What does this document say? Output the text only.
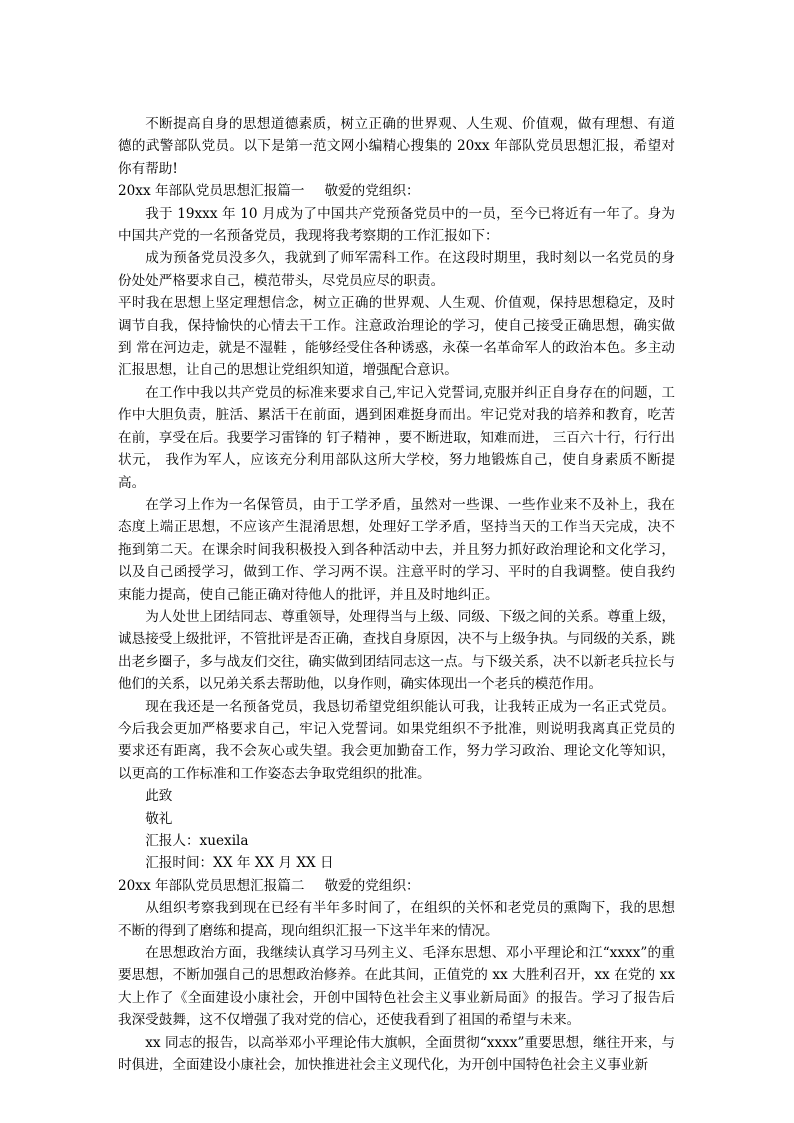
不断提高自身的思想道德素质，树立正确的世界观、人生观、价值观，做有理想、有道德的武警部队党员。以下是第一范文网小编精心搜集的 20xx 年部队党员思想汇报，希望对你有帮助!

20xx 年部队党员思想汇报篇一 敬爱的党组织：

我于 19xxx 年 10 月成为了中国共产党预备党员中的一员，至今已将近有一年了。身为中国共产党的一名预备党员，我现将我考察期的工作汇报如下：

成为预备党员没多久，我就到了师军需科工作。在这段时期里，我时刻以一名党员的身份处处严格要求自己，模范带头，尽党员应尽的职责。

平时我在思想上坚定理想信念，树立正确的世界观、人生观、价值观，保持思想稳定，及时调节自我，保持愉快的心情去干工作。注意政治理论的学习，使自己接受正确思想，确实做到 常在河边走，就是不湿鞋 ，能够经受住各种诱惑，永葆一名革命军人的政治本色。多主动汇报思想，让自己的思想让党组织知道，增强配合意识。

在工作中我以共产党员的标准来要求自己,牢记入党誓词,克服并纠正自身存在的问题，工作中大胆负责，脏活、累活干在前面，遇到困难挺身而出。牢记党对我的培养和教育，吃苦在前，享受在后。我要学习雷锋的 钉子精神 ，要不断进取，知难而进， 三百六十行，行行出状元， 我作为军人，应该充分利用部队这所大学校，努力地锻炼自己，使自身素质不断提高。

在学习上作为一名保管员，由于工学矛盾，虽然对一些课、一些作业来不及补上，我在态度上端正思想，不应该产生混淆思想，处理好工学矛盾，坚持当天的工作当天完成，决不拖到第二天。在课余时间我积极投入到各种活动中去，并且努力抓好政治理论和文化学习，以及自己函授学习，做到工作、学习两不误。注意平时的学习、平时的自我调整。使自我约束能力提高，使自己能正确对待他人的批评，并且及时地纠正。

为人处世上团结同志、尊重领导，处理得当与上级、同级、下级之间的关系。尊重上级，诚恳接受上级批评，不管批评是否正确，查找自身原因，决不与上级争执。与同级的关系，跳出老乡圈子，多与战友们交往，确实做到团结同志这一点。与下级关系，决不以新老兵拉长与他们的关系，以兄弟关系去帮助他，以身作则，确实体现出一个老兵的模范作用。

现在我还是一名预备党员，我恳切希望党组织能认可我，让我转正成为一名正式党员。今后我会更加严格要求自己，牢记入党誓词。如果党组织不予批准，则说明我离真正党员的要求还有距离，我不会灰心或失望。我会更加勤奋工作，努力学习政治、理论文化等知识，以更高的工作标准和工作姿态去争取党组织的批准。

此致

敬礼

汇报人：xuexila

汇报时间：XX 年 XX 月 XX 日

20xx 年部队党员思想汇报篇二 敬爱的党组织：

从组织考察我到现在已经有半年多时间了，在组织的关怀和老党员的熏陶下，我的思想不断的得到了磨练和提高，现向组织汇报一下这半年来的情况。

在思想政治方面，我继续认真学习马列主义、毛泽东思想、邓小平理论和江“xxxx”的重要思想，不断加强自己的思想政治修养。在此其间，正值党的 xx 大胜利召开，xx 在党的 xx 大上作了《全面建设小康社会，开创中国特色社会主义事业新局面》的报告。学习了报告后我深受鼓舞，这不仅增强了我对党的信心，还使我看到了祖国的希望与未来。

xx 同志的报告，以高举邓小平理论伟大旗帜，全面贯彻“xxxx”重要思想，继往开来，与时俱进，全面建设小康社会，加快推进社会主义现代化，为开创中国特色社会主义事业新
